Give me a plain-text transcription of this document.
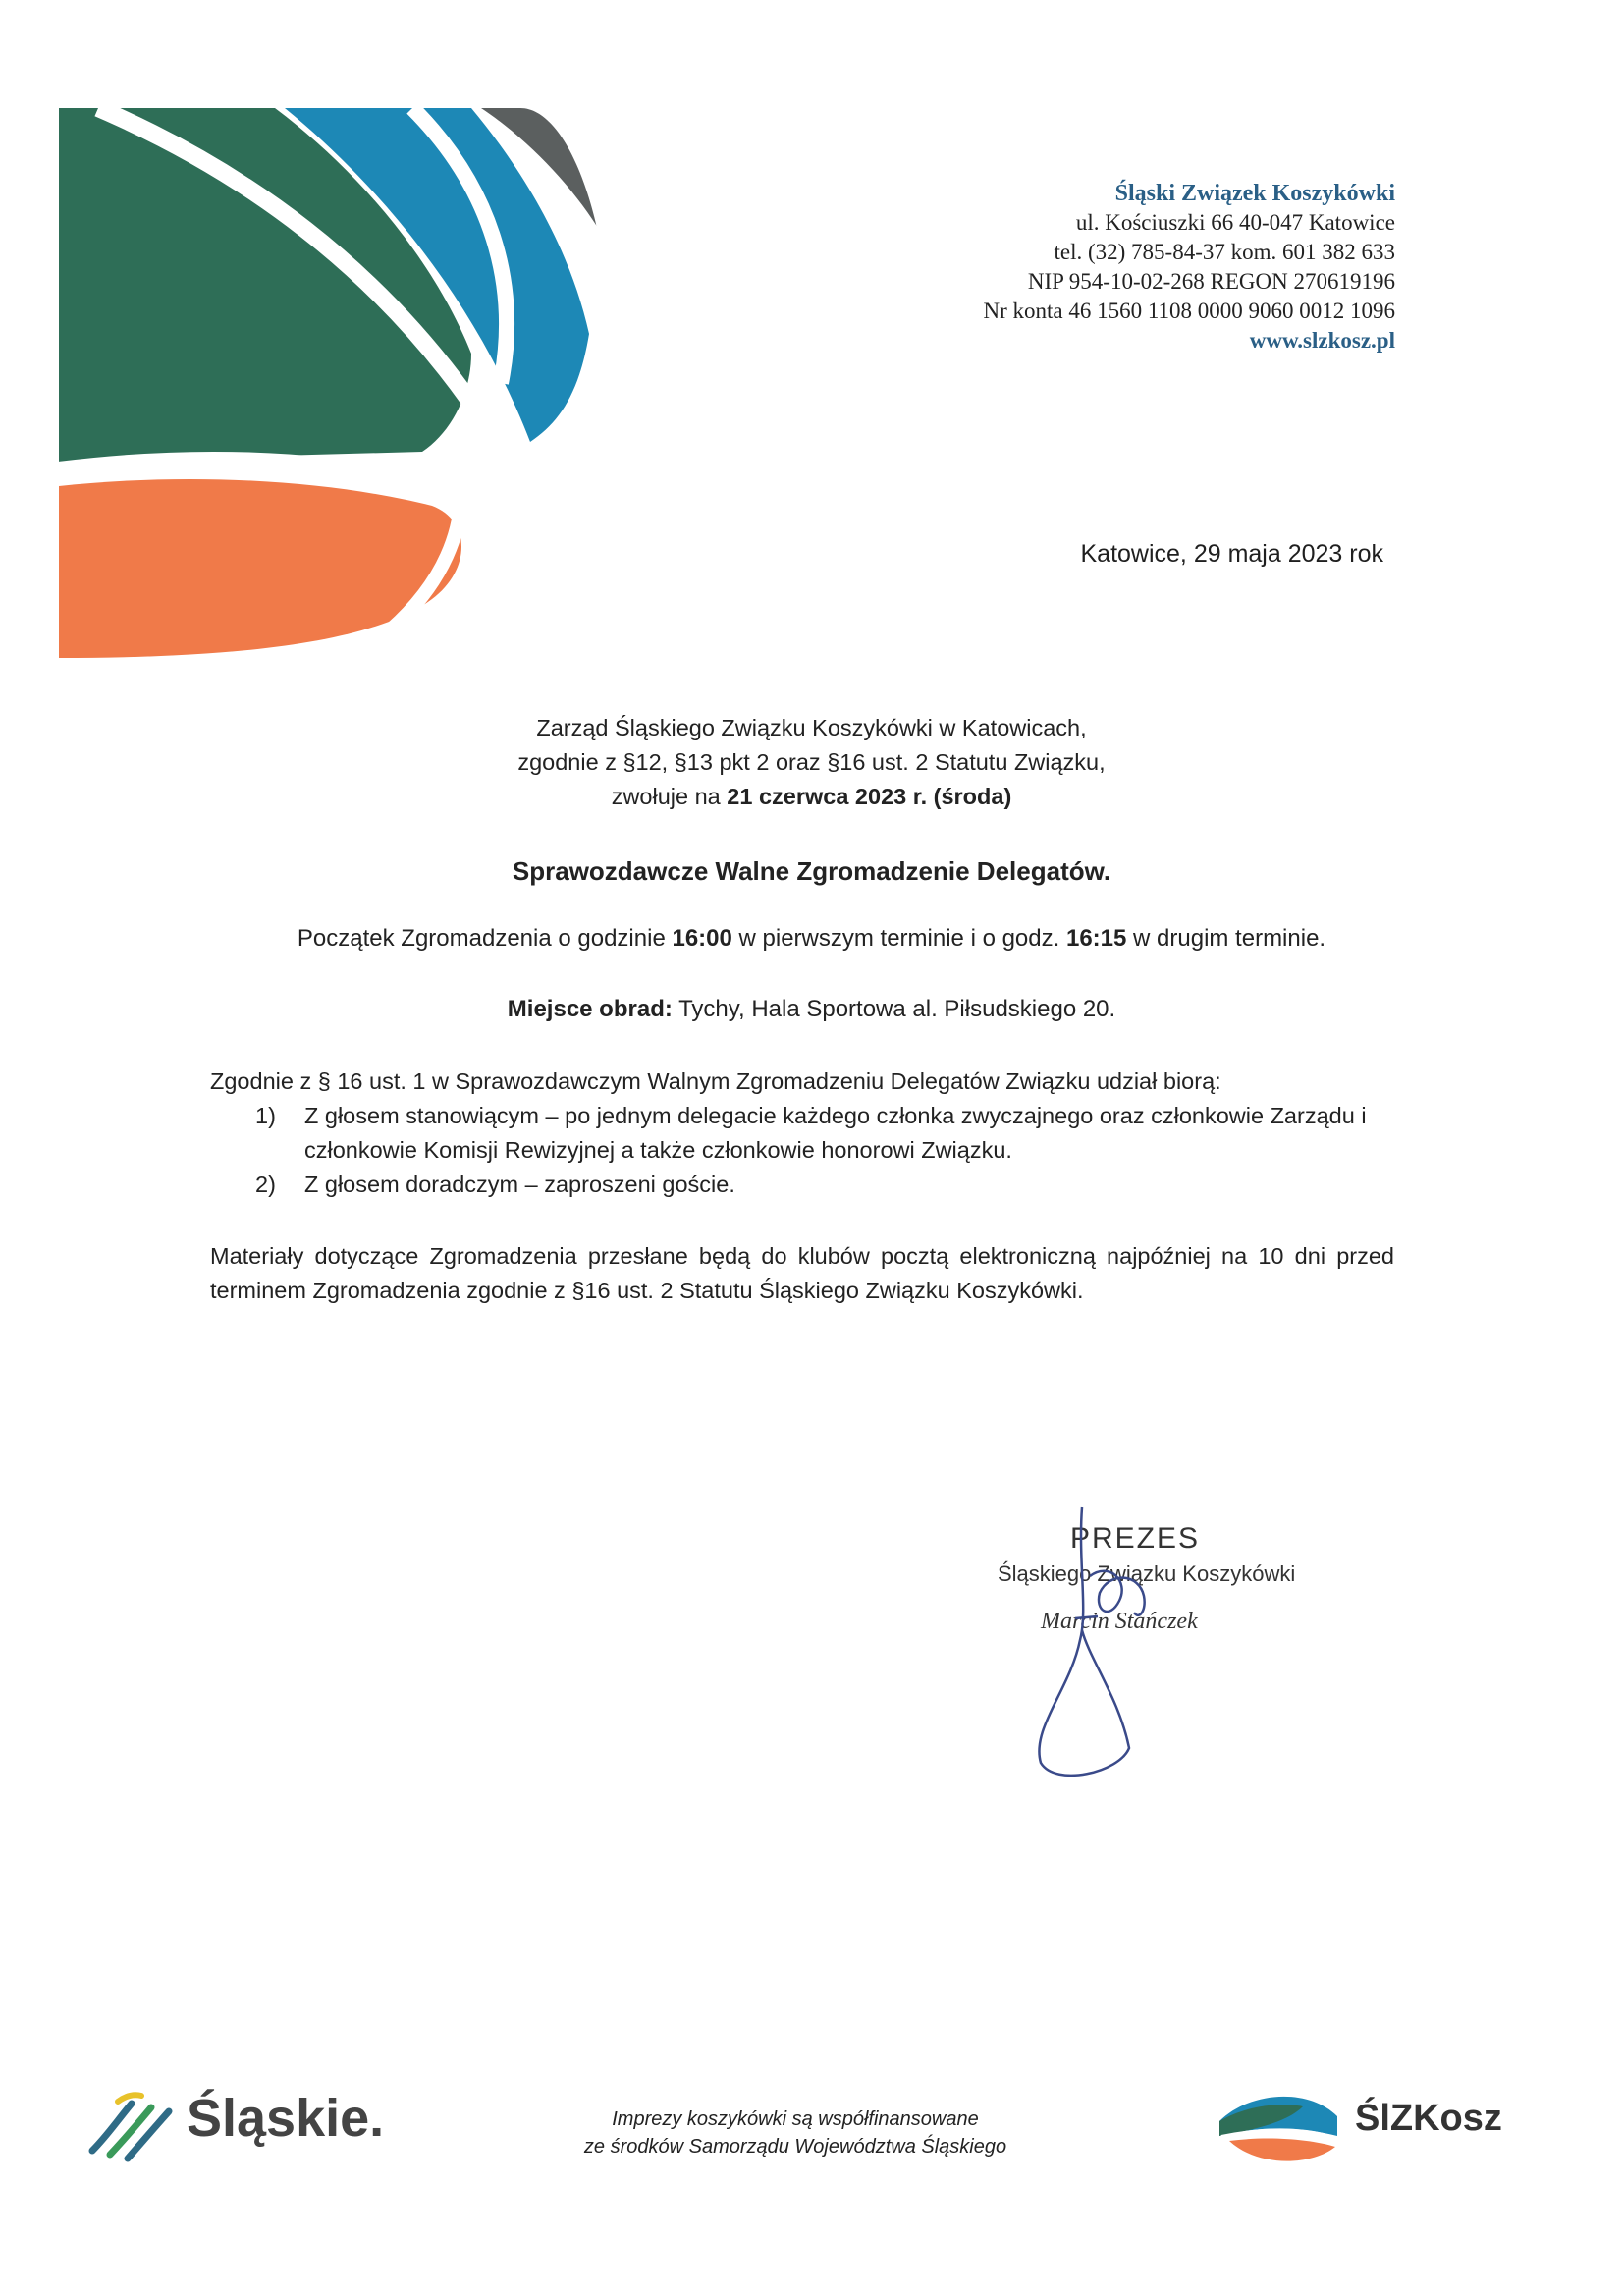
Śląski Związek Koszykówki
ul. Kościuszki 66 40-047 Katowice
tel. (32) 785-84-37 kom. 601 382 633
NIP 954-10-02-268 REGON 270619196
Nr konta 46 1560 1108 0000 9060 0012 1096
www.slzkosz.pl
Katowice, 29 maja 2023 rok
Zarząd Śląskiego Związku Koszykówki w Katowicach,
zgodnie z §12, §13 pkt 2 oraz §16 ust. 2 Statutu Związku,
zwołuje na 21 czerwca 2023 r. (środa)
Sprawozdawcze Walne Zgromadzenie Delegatów.
Początek Zgromadzenia o godzinie 16:00 w pierwszym terminie i o godz. 16:15 w drugim terminie.
Miejsce obrad: Tychy, Hala Sportowa al. Piłsudskiego 20.
Zgodnie z § 16 ust. 1 w Sprawozdawczym Walnym Zgromadzeniu Delegatów Związku udział biorą:
1) Z głosem stanowiącym – po jednym delegacie każdego członka zwyczajnego oraz członkowie Zarządu i członkowie Komisji Rewizyjnej a także członkowie honorowi Związku.
2) Z głosem doradczym – zaproszeni goście.
Materiały dotyczące Zgromadzenia przesłane będą do klubów pocztą elektroniczną najpóźniej na 10 dni przed terminem Zgromadzenia zgodnie z §16 ust. 2 Statutu Śląskiego Związku Koszykówki.
PREZES
Śląskiego Związku Koszykówki
Marcin Stańczek
Śląskie.	Imprezy koszykówki są współfinansowane
ze środków Samorządu Województwa Śląskiego
ŚlZKosz
